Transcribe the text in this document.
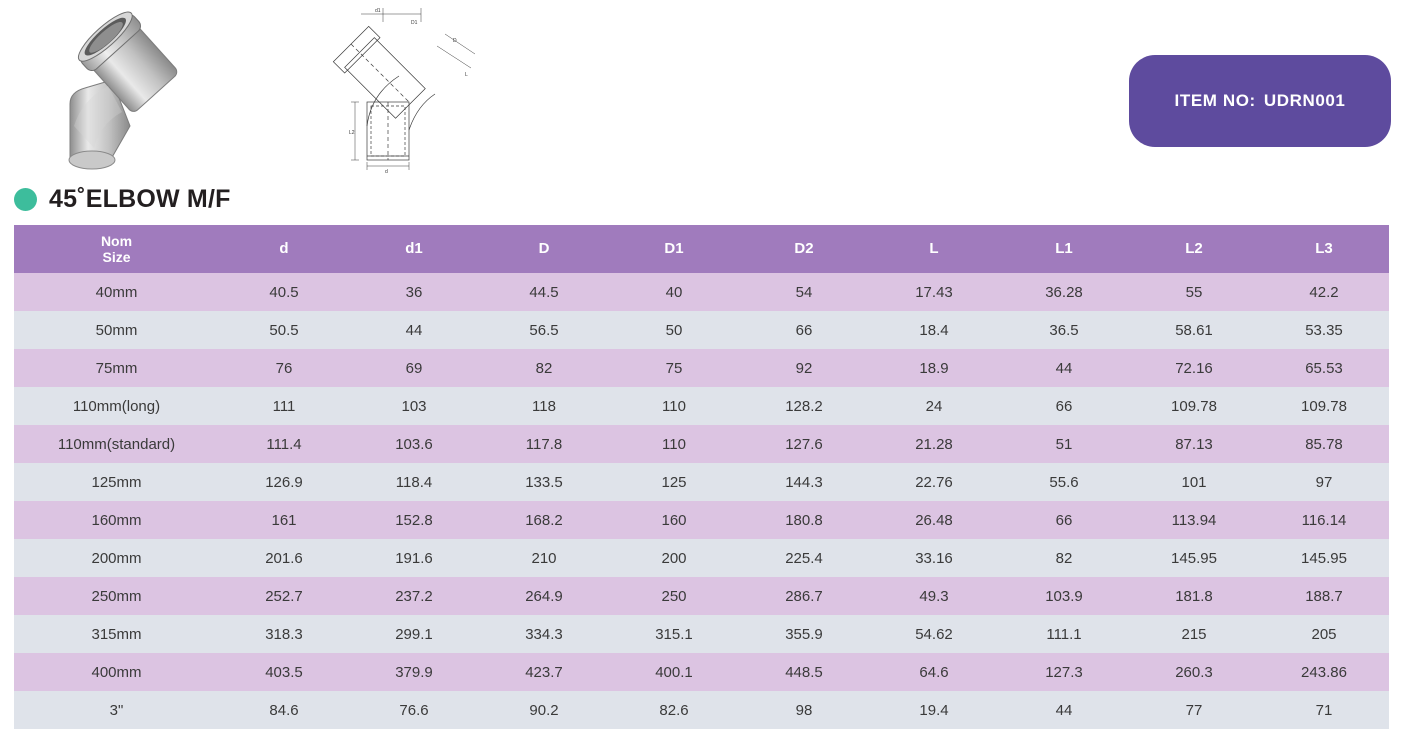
L2
d
d1
D
L
D1
ITEM NO: UDRN001
45˚ELBOW M/F
Nom
Size	d	d1	D	D1	D2	L	L1	L2	L3
40mm	40.5	36	44.5	40	54	17.43	36.28	55	42.2
50mm	50.5	44	56.5	50	66	18.4	36.5	58.61	53.35
75mm	76	69	82	75	92	18.9	44	72.16	65.53
110mm(long)	111	103	118	110	128.2	24	66	109.78	109.78
110mm(standard)	111.4	103.6	117.8	110	127.6	21.28	51	87.13	85.78
125mm	126.9	118.4	133.5	125	144.3	22.76	55.6	101	97
160mm	161	152.8	168.2	160	180.8	26.48	66	113.94	116.14
200mm	201.6	191.6	210	200	225.4	33.16	82	145.95	145.95
250mm	252.7	237.2	264.9	250	286.7	49.3	103.9	181.8	188.7
315mm	318.3	299.1	334.3	315.1	355.9	54.62	111.1	215	205
400mm	403.5	379.9	423.7	400.1	448.5	64.6	127.3	260.3	243.86
3"	84.6	76.6	90.2	82.6	98	19.4	44	77	71
